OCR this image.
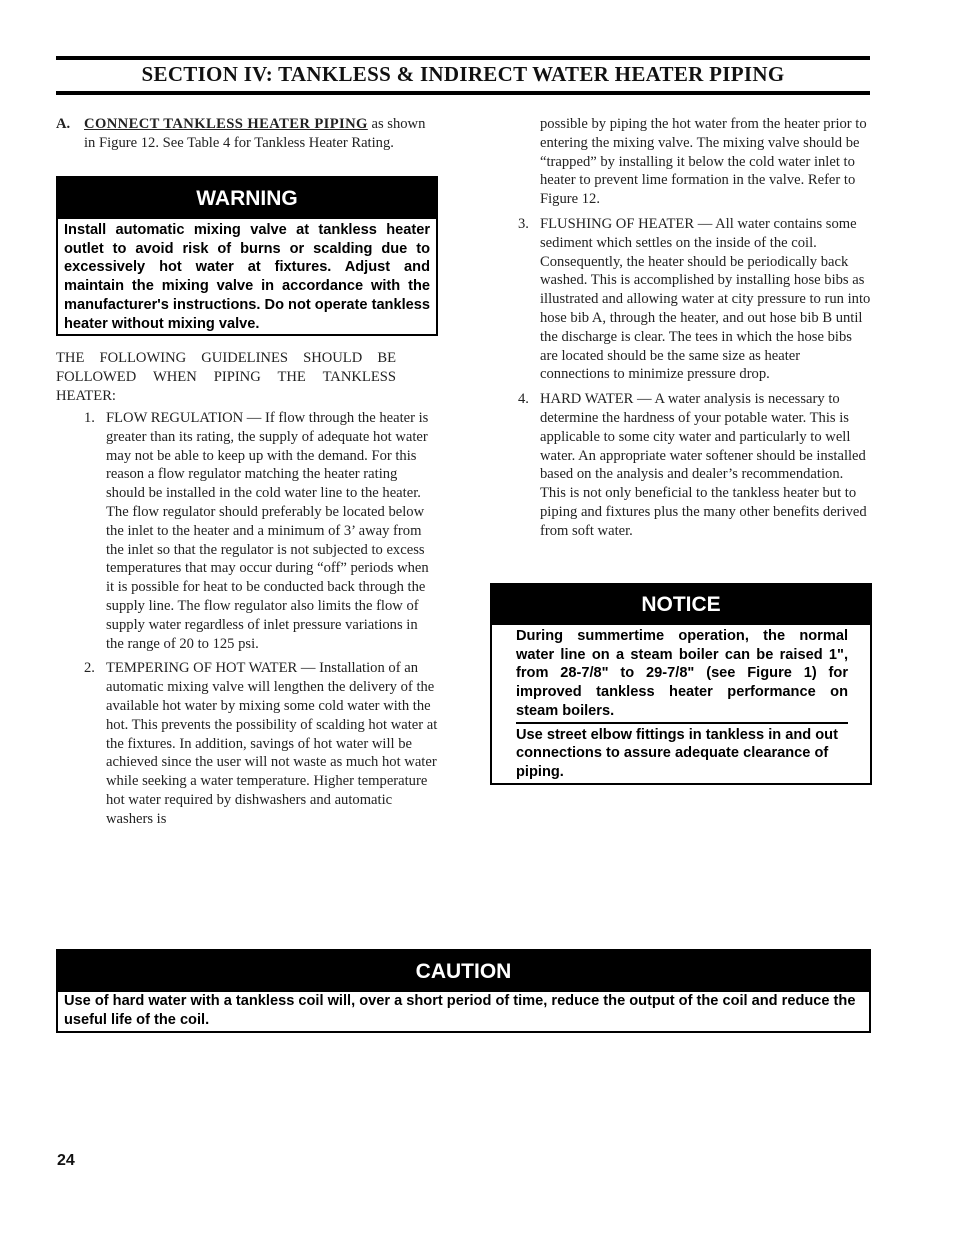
SECTION IV: TANKLESS & INDIRECT WATER HEATER PIPING
A. CONNECT TANKLESS HEATER PIPING as shown in Figure 12. See Table 4 for Tankless Heater Rating.
WARNING
Install automatic mixing valve at tankless heater outlet to avoid risk of burns or scalding due to excessively hot water at fixtures. Adjust and maintain the mixing valve in accordance with the manufacturer's instructions. Do not operate tankless heater without mixing valve.
THE FOLLOWING GUIDELINES SHOULD BE FOLLOWED WHEN PIPING THE TANKLESS HEATER:
1. FLOW REGULATION — If flow through the heater is greater than its rating, the supply of adequate hot water may not be able to keep up with the demand. For this reason a flow regulator matching the heater rating should be installed in the cold water line to the heater. The flow regulator should preferably be located below the inlet to the heater and a minimum of 3’ away from the inlet so that the regulator is not subjected to excess temperatures that may occur during “off” periods when it is possible for heat to be conducted back through the supply line. The flow regulator also limits the flow of supply water regardless of inlet pressure variations in the range of 20 to 125 psi.
2. TEMPERING OF HOT WATER — Installation of an automatic mixing valve will lengthen the delivery of the available hot water by mixing some cold water with the hot. This prevents the possibility of scalding hot water at the fixtures. In addition, savings of hot water will be achieved since the user will not waste as much hot water while seeking a water temperature. Higher temperature hot water required by dishwashers and automatic washers is
possible by piping the hot water from the heater prior to entering the mixing valve. The mixing valve should be “trapped” by installing it below the cold water inlet to heater to prevent lime formation in the valve. Refer to Figure 12.
3. FLUSHING OF HEATER — All water contains some sediment which settles on the inside of the coil. Consequently, the heater should be periodically back washed. This is accomplished by installing hose bibs as illustrated and allowing water at city pressure to run into hose bib A, through the heater, and out hose bib B until the discharge is clear. The tees in which the hose bibs are located should be the same size as heater connections to minimize pressure drop.
4. HARD WATER — A water analysis is necessary to determine the hardness of your potable water. This is applicable to some city water and particularly to well water. An appropriate water softener should be installed based on the analysis and dealer’s recommendation. This is not only beneficial to the tankless heater but to piping and fixtures plus the many other benefits derived from soft water.
NOTICE
During summertime operation, the normal water line on a steam boiler can be raised 1", from 28-7/8" to 29-7/8" (see Figure 1) for improved tankless heater performance on steam boilers.
Use street elbow fittings in tankless in and out connections to assure adequate clearance of piping.
CAUTION
Use of hard water with a tankless coil will, over a short period of time, reduce the output of the coil and reduce the useful life of the coil.
24
